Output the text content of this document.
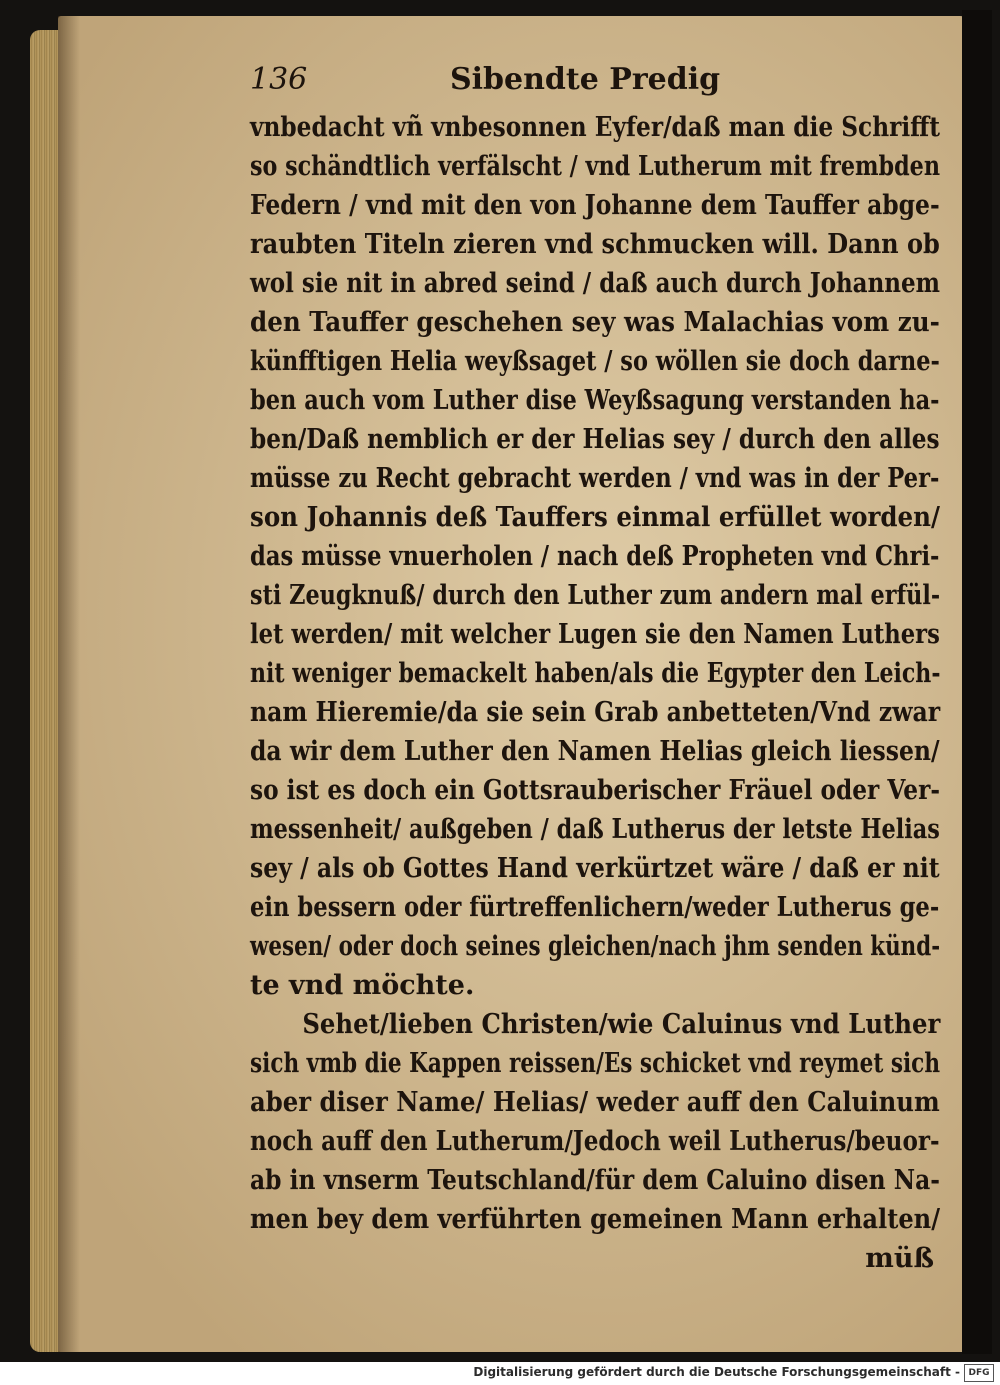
136	Sibendte Predig
vnbedacht vñ vnbesonnen Eyfer/daß man die Schrifft
so schändtlich verfälscht / vnd Lutherum mit frembden
Federn / vnd mit den von Johanne dem Tauffer abge-
raubten Titeln zieren vnd schmucken will. Dann ob
wol sie nit in abred seind / daß auch durch Johannem
den Tauffer geschehen sey was Malachias vom zu-
künfftigen Helia weyßsaget / so wöllen sie doch darne-
ben auch vom Luther dise Weyßsagung verstanden ha-
ben/Daß nemblich er der Helias sey / durch den alles
müsse zu Recht gebracht werden / vnd was in der Per-
son Johannis deß Tauffers einmal erfüllet worden/
das müsse vnuerholen / nach deß Propheten vnd Chri-
sti Zeugknuß/ durch den Luther zum andern mal erfül-
let werden/ mit welcher Lugen sie den Namen Luthers
nit weniger bemackelt haben/als die Egypter den Leich-
nam Hieremie/da sie sein Grab anbetteten/Vnd zwar
da wir dem Luther den Namen Helias gleich liessen/
so ist es doch ein Gottsrauberischer Fräuel oder Ver-
messenheit/ außgeben / daß Lutherus der letste Helias
sey / als ob Gottes Hand verkürtzet wäre / daß er nit
ein bessern oder fürtreffenlichern/weder Lutherus ge-
wesen/ oder doch seines gleichen/nach jhm senden künd-
te vnd möchte.
Sehet/lieben Christen/wie Caluinus vnd Luther
sich vmb die Kappen reissen/Es schicket vnd reymet sich
aber diser Name/ Helias/ weder auff den Caluinum
noch auff den Lutherum/Jedoch weil Lutherus/beuor-
ab in vnserm Teutschland/für dem Caluino disen Na-
men bey dem verführten gemeinen Mann erhalten/
müß
Digitalisierung gefördert durch die Deutsche Forschungsgemeinschaft - DFG
